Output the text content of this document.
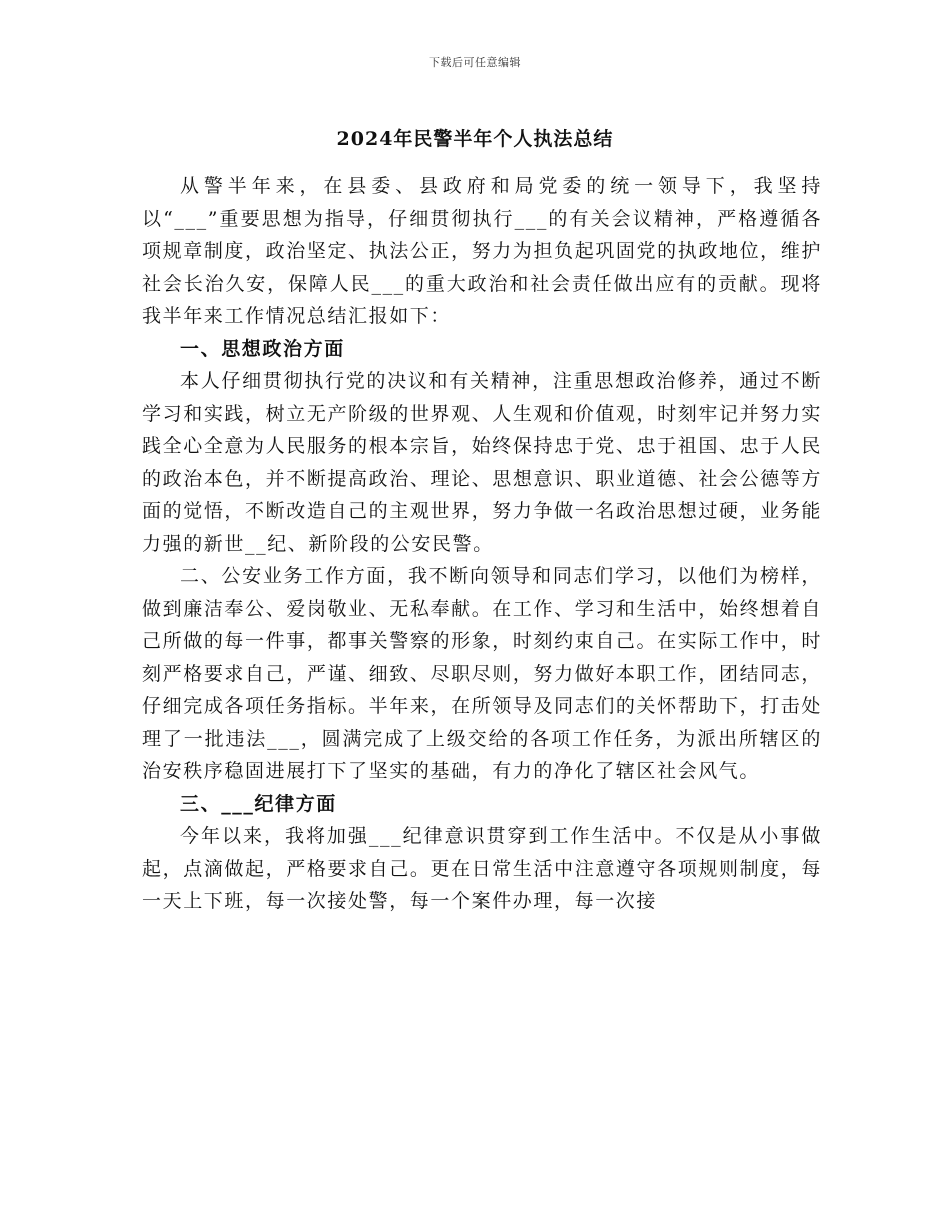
下载后可任意编辑
2024年民警半年个人执法总结

从警半年来，在县委、县政府和局党委的统一领导下，我坚持以“___”重要思想为指导，仔细贯彻执行___的有关会议精神，严格遵循各项规章制度，政治坚定、执法公正，努力为担负起巩固党的执政地位，维护社会长治久安，保障人民___的重大政治和社会责任做出应有的贡献。现将我半年来工作情况总结汇报如下：

一、思想政治方面

本人仔细贯彻执行党的决议和有关精神，注重思想政治修养，通过不断学习和实践，树立无产阶级的世界观、人生观和价值观，时刻牢记并努力实践全心全意为人民服务的根本宗旨，始终保持忠于党、忠于祖国、忠于人民的政治本色，并不断提高政治、理论、思想意识、职业道德、社会公德等方面的觉悟，不断改造自己的主观世界，努力争做一名政治思想过硬，业务能力强的新世__纪、新阶段的公安民警。

二、公安业务工作方面，我不断向领导和同志们学习，以他们为榜样，做到廉洁奉公、爱岗敬业、无私奉献。在工作、学习和生活中，始终想着自己所做的每一件事，都事关警察的形象，时刻约束自己。在实际工作中，时刻严格要求自己，严谨、细致、尽职尽则，努力做好本职工作，团结同志，仔细完成各项任务指标。半年来，在所领导及同志们的关怀帮助下，打击处理了一批违法___，圆满完成了上级交给的各项工作任务，为派出所辖区的治安秩序稳固进展打下了坚实的基础，有力的净化了辖区社会风气。

三、___纪律方面

今年以来，我将加强___纪律意识贯穿到工作生活中。不仅是从小事做起，点滴做起，严格要求自己。更在日常生活中注意遵守各项规则制度，每一天上下班，每一次接处警，每一个案件办理，每一次接
